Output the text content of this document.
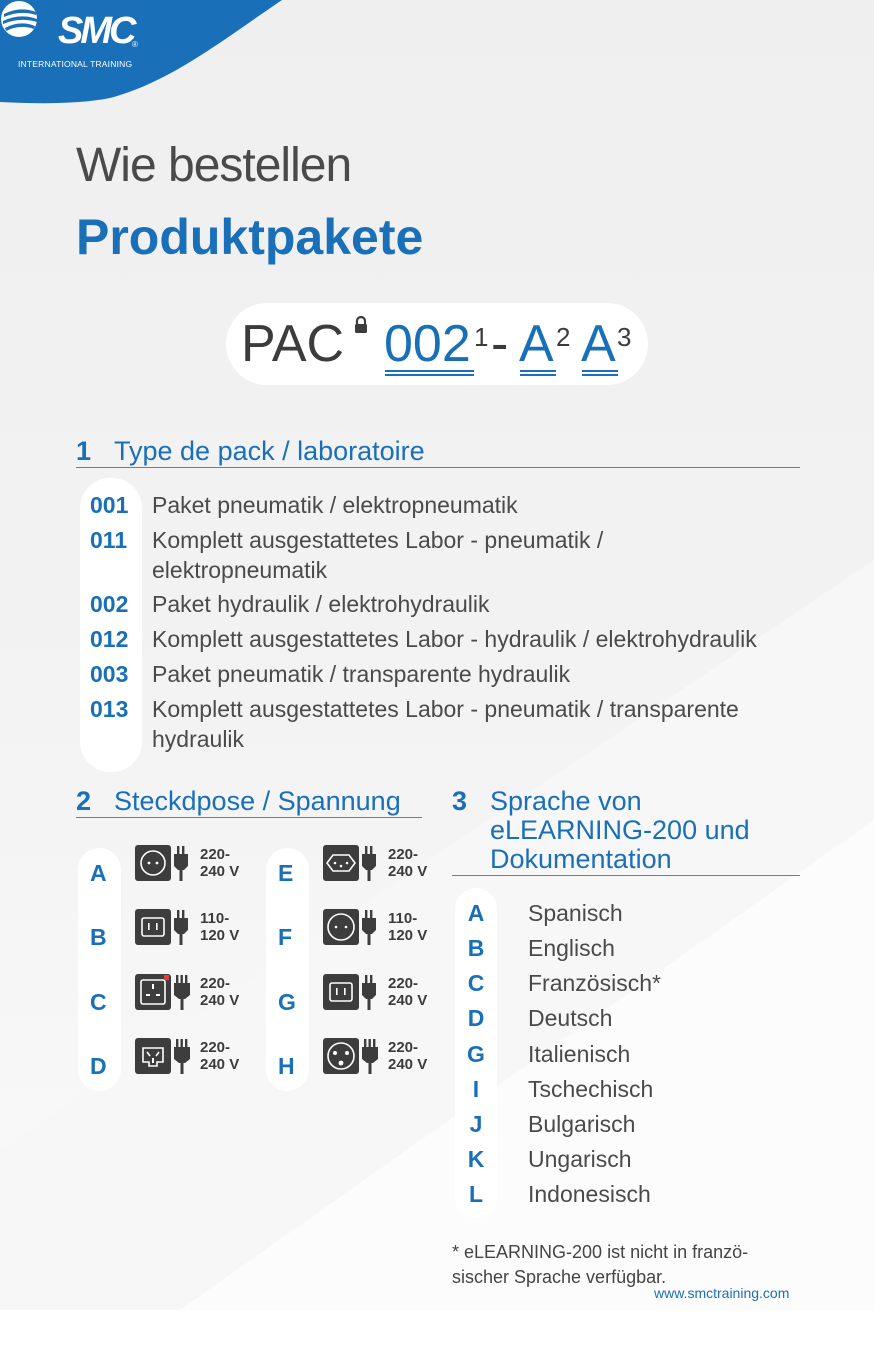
SMC
®
INTERNATIONAL TRAINING
Wie bestellen
Produktpakete
PAC 002 1 - A 2 A 3
1 Type de pack / laboratoire
001 Paket pneumatik / elektropneumatik
011 Komplett ausgestattetes Labor - pneumatik / elektropneumatik
002 Paket hydraulik / elektrohydraulik
012 Komplett ausgestattetes Labor - hydraulik / elektrohydraulik
003 Paket pneumatik / transparente hydraulik
013 Komplett ausgestattetes Labor - pneumatik / transparente hydraulik
2 Steckdpose / Spannung
A
220-
240 V
B
110-
120 V
C
220-
240 V
D
220-
240 V
E
220-
240 V
F
110-
120 V
G
220-
240 V
H
220-
240 V
3 Sprache von
eLEARNING-200 und
Dokumentation
A Spanisch
B Englisch
C Französisch*
D Deutsch
G Italienisch
I Tschechisch
J Bulgarisch
K Ungarisch
L Indonesisch
* eLEARNING-200 ist nicht in franzö-
sischer Sprache verfügbar.
www.smctraining.com
